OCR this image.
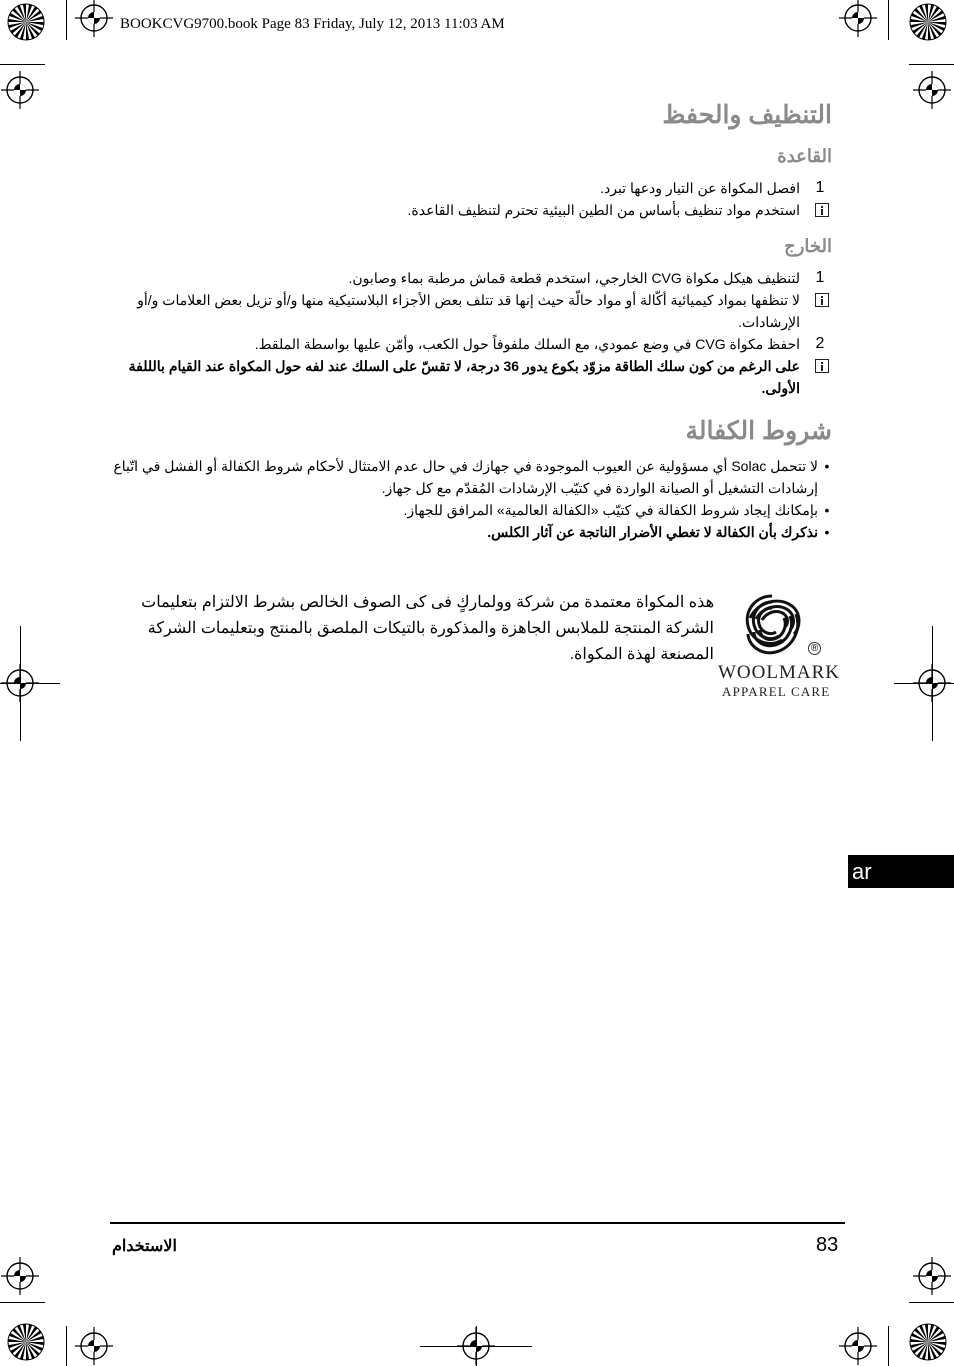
BOOKCVG9700.book Page 83 Friday, July 12, 2013 11:03 AM
التنظيف والحفظ
القاعدة
1
افصل المكواة عن التيار ودعها تبرد.
استخدم مواد تنظيف بأساس من الطين البيئية تحترم لتنظيف القاعدة.
الخارج
1
لتنظيف هيكل مكواة CVG الخارجي، استخدم قطعة قماش مرطبة بماء وصابون.
لا تنظفها بمواد كيميائية أكّالة أو مواد حالّة حيث إنها قد تتلف بعض الأجزاء البلاستيكية منها و/أو تزيل بعض العلامات و/أو الإرشادات.
2
احفظ مكواة CVG في وضع عمودي، مع السلك ملفوفاً حول الكعب، وأمّن عليها بواسطة الملقط.
على الرغم من كون سلك الطاقة مزوّد بكوع يدور 36 درجة، لا تقسّ على السلك عند لفه حول المكواة عند القيام بالللفة الأولى.
شروط الكفالة
•
لا تتحمل Solac أي مسؤولية عن العيوب الموجودة في جهازك في حال عدم الامتثال لأحكام شروط الكفالة أو الفشل في اتّباع إرشادات التشغيل أو الصيانة الواردة في كتيّب الإرشادات المُقدّم مع كل جهاز.
•
بإمكانك إيجاد شروط الكفالة في كتيّب «الكفالة العالمية» المرافق للجهاز.
•
نذكرك بأن الكفالة لا تغطي الأضرار الناتجة عن آثار الكلس.
هذه المكواة معتمدة من شركة وولماركٍ فى كى الصوف الخالص بشرط الالتزام بتعليمات الشركة المنتجة للملابس الجاهزة والمذكورة بالتيكات الملصق بالمنتج وبتعليمات الشركة المصنعة لهذة المكواة.	®
WOOLMARK
APPAREL CARE
ar
83
الاستخدام
